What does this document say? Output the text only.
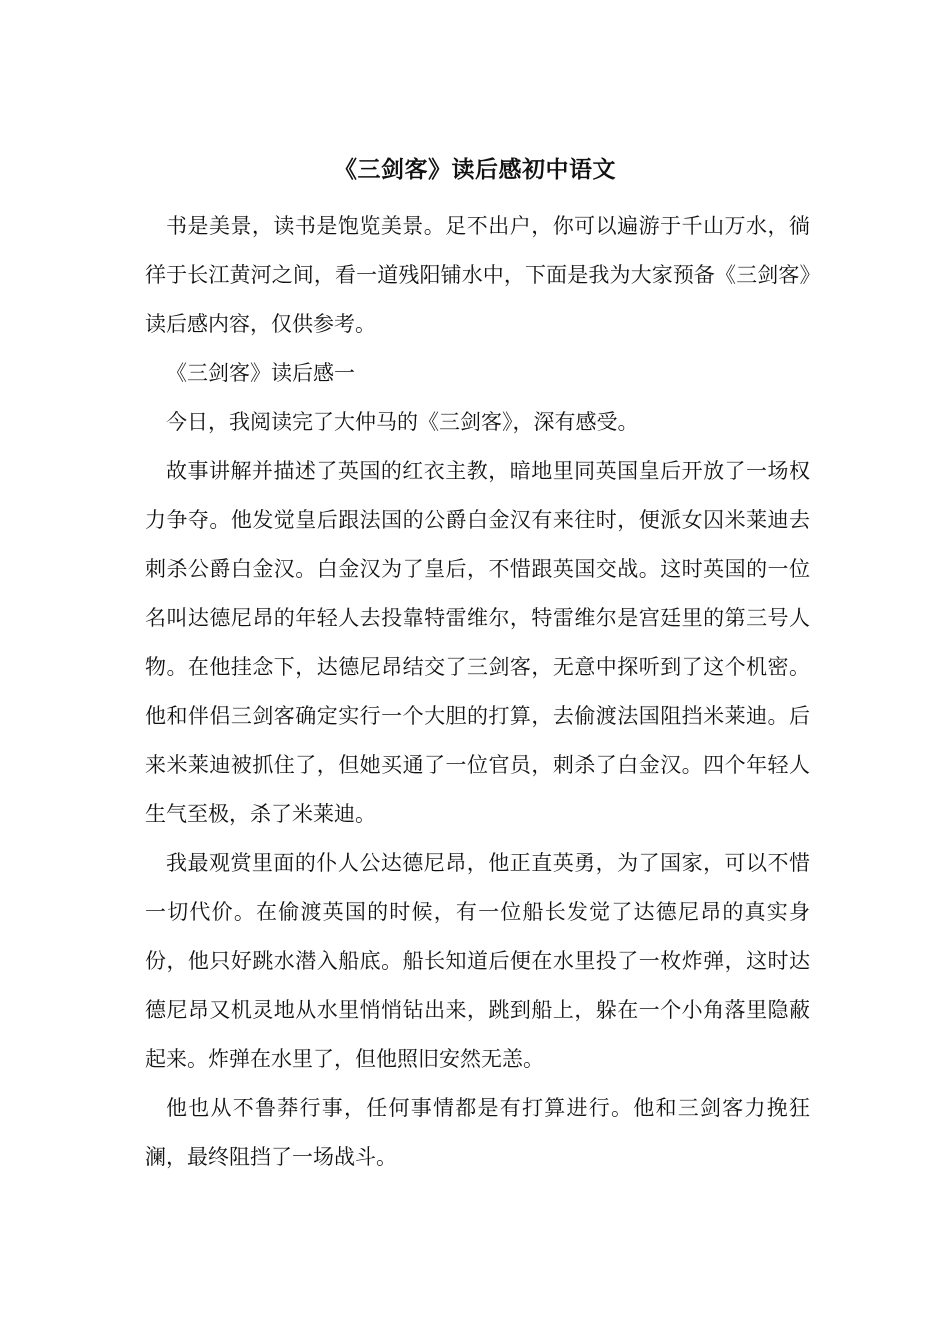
《三剑客》读后感初中语文

书是美景，读书是饱览美景。足不出户，你可以遍游于千山万水，徜徉于长江黄河之间，看一道残阳铺水中，下面是我为大家预备《三剑客》读后感内容，仅供参考。

《三剑客》读后感一

今日，我阅读完了大仲马的《三剑客》，深有感受。

故事讲解并描述了英国的红衣主教，暗地里同英国皇后开放了一场权力争夺。他发觉皇后跟法国的公爵白金汉有来往时，便派女囚米莱迪去刺杀公爵白金汉。白金汉为了皇后，不惜跟英国交战。这时英国的一位名叫达德尼昂的年轻人去投靠特雷维尔，特雷维尔是宫廷里的第三号人物。在他挂念下，达德尼昂结交了三剑客，无意中探听到了这个机密。他和伴侣三剑客确定实行一个大胆的打算，去偷渡法国阻挡米莱迪。后来米莱迪被抓住了，但她买通了一位官员，刺杀了白金汉。四个年轻人生气至极，杀了米莱迪。

我最观赏里面的仆人公达德尼昂，他正直英勇，为了国家，可以不惜一切代价。在偷渡英国的时候，有一位船长发觉了达德尼昂的真实身份，他只好跳水潜入船底。船长知道后便在水里投了一枚炸弹，这时达德尼昂又机灵地从水里悄悄钻出来，跳到船上，躲在一个小角落里隐蔽起来。炸弹在水里了，但他照旧安然无恙。

他也从不鲁莽行事，任何事情都是有打算进行。他和三剑客力挽狂澜，最终阻挡了一场战斗。
